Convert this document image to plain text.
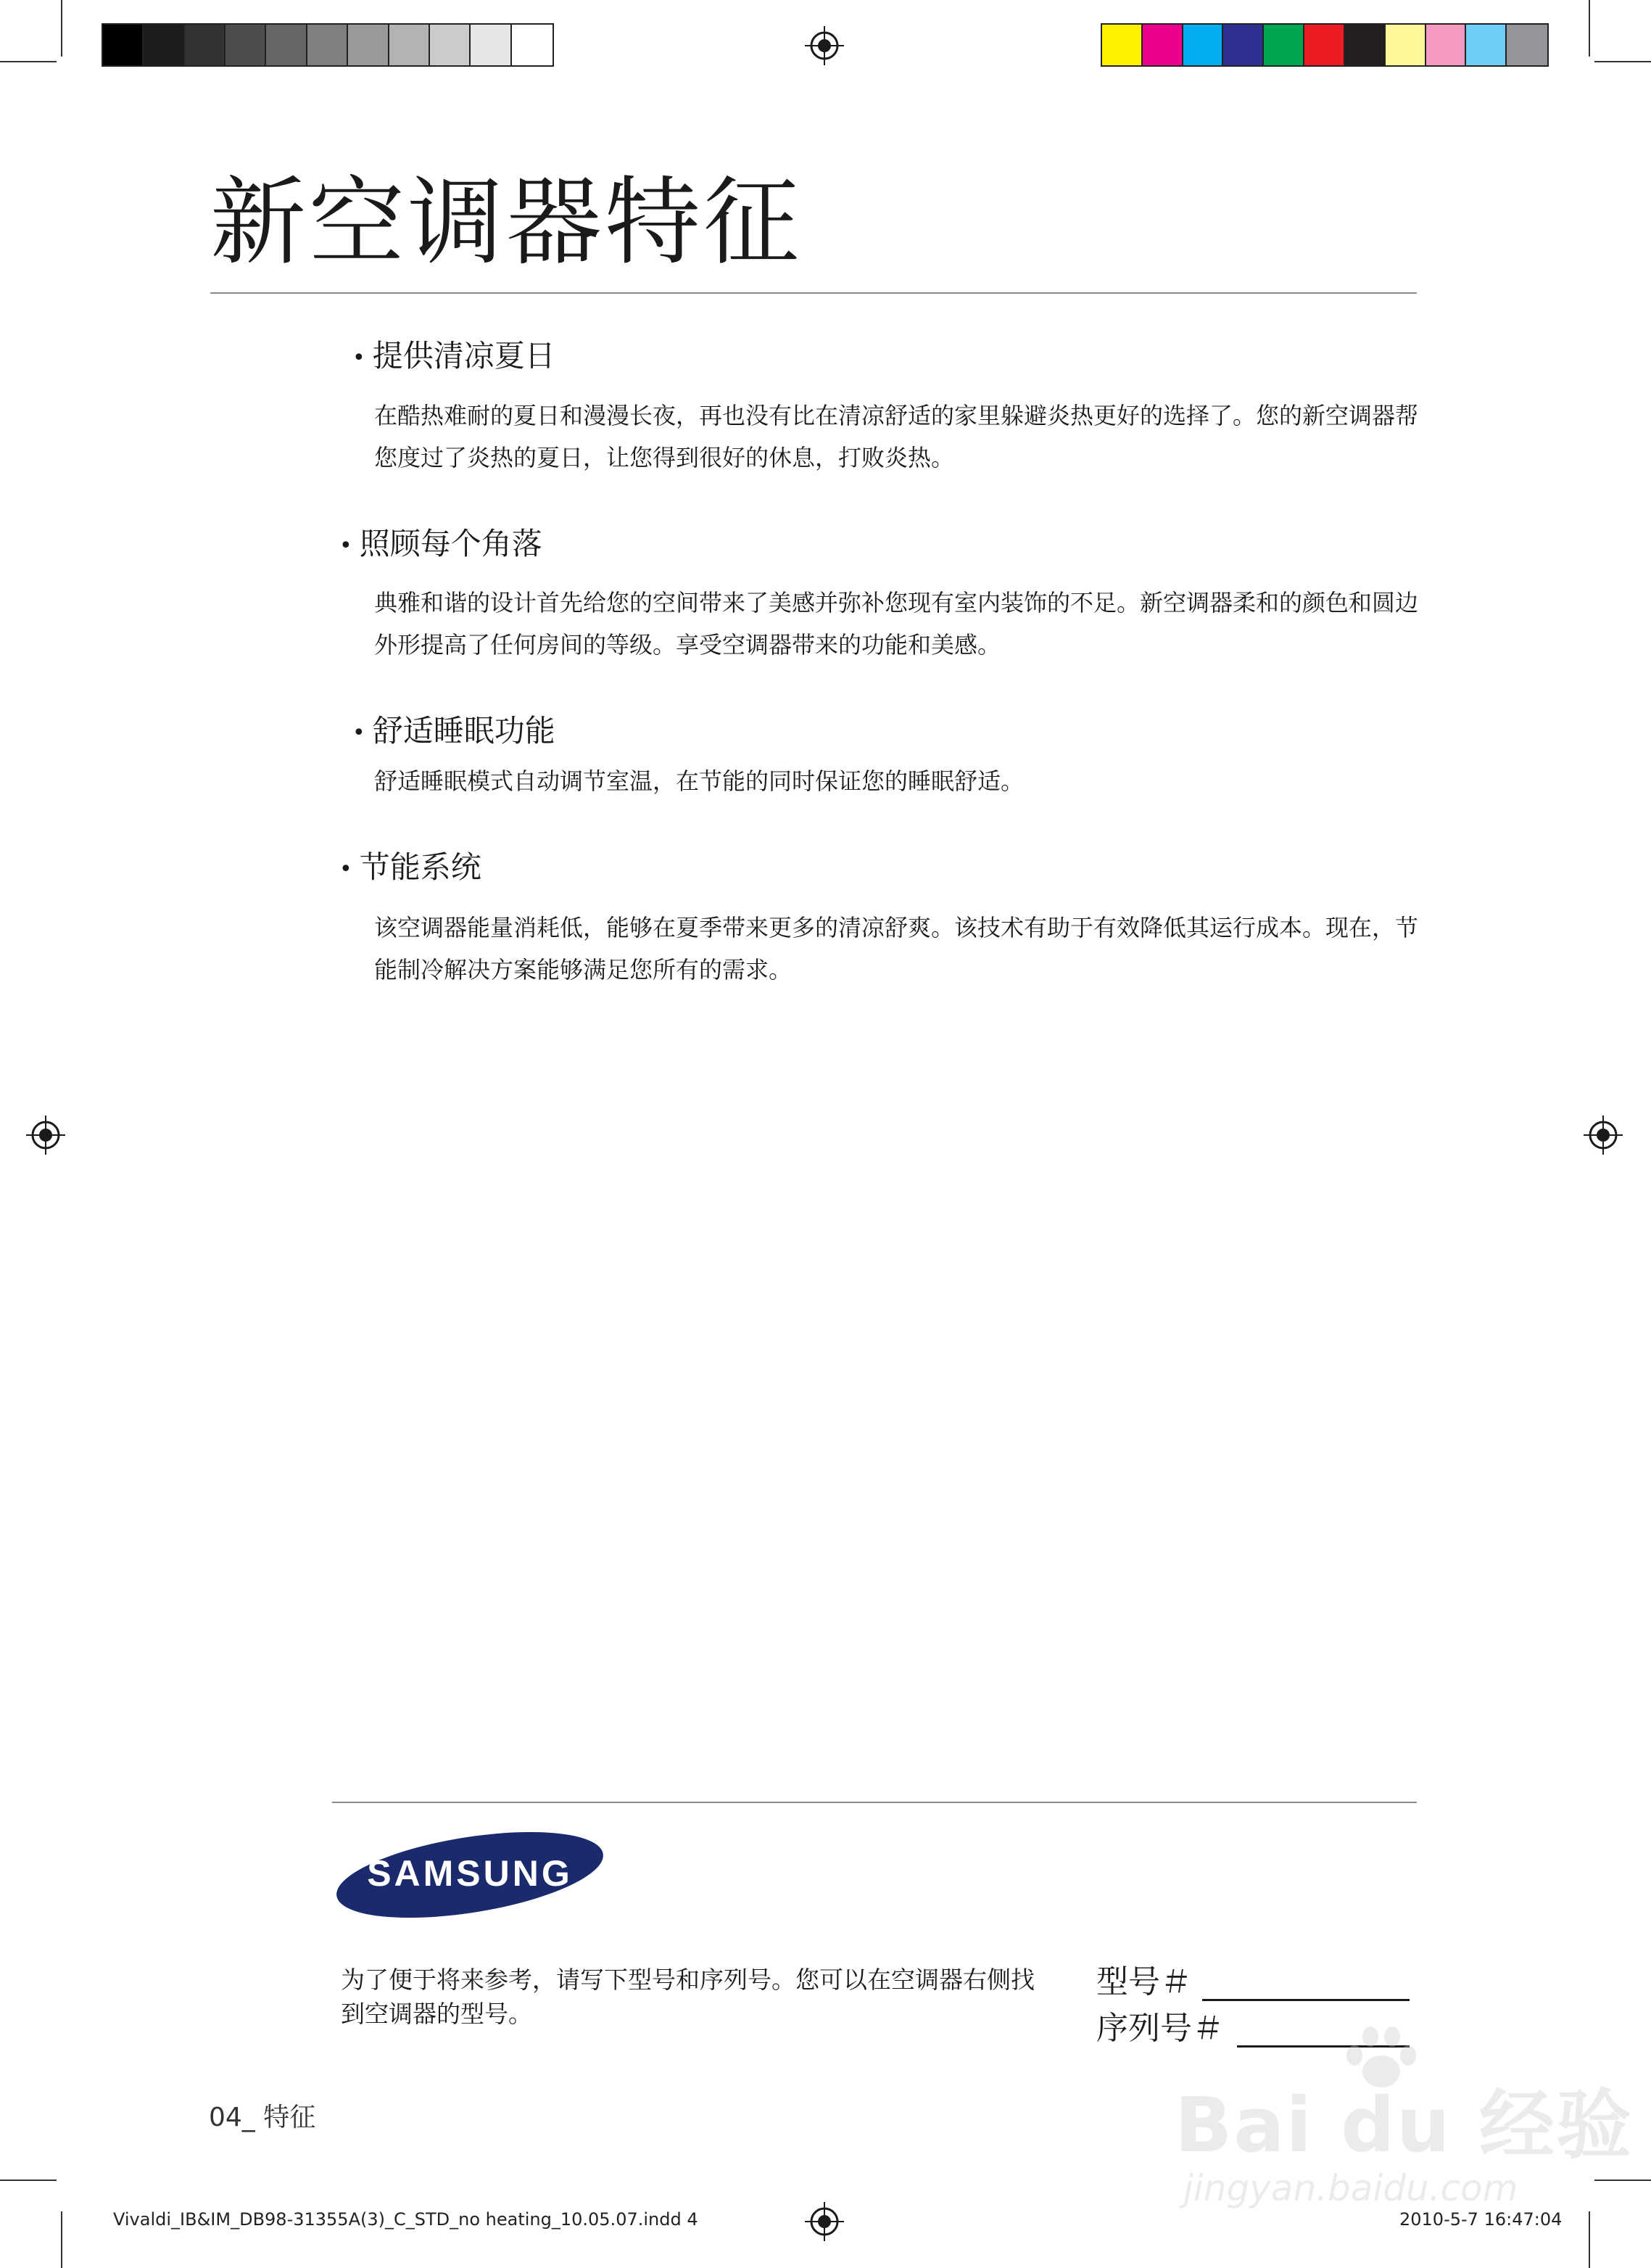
新空调器特征
• 提供清凉夏日

在酷热难耐的夏日和漫漫长夜，再也没有比在清凉舒适的家里躲避炎热更好的选择了。您的新空调器帮您度过了炎热的夏日，让您得到很好的休息，打败炎热。

• 照顾每个角落

典雅和谐的设计首先给您的空间带来了美感并弥补您现有室内装饰的不足。新空调器柔和的颜色和圆边外形提高了任何房间的等级。享受空调器带来的功能和美感。

• 舒适睡眠功能

舒适睡眠模式自动调节室温，在节能的同时保证您的睡眠舒适。

• 节能系统

该空调器能量消耗低，能够在夏季带来更多的清凉舒爽。该技术有助于有效降低其运行成本。现在，节能制冷解决方案能够满足您所有的需求。

SAMSUNG

为了便于将来参考，请写下型号和序列号。您可以在空调器右侧找到空调器的型号。

型号＃
序列号＃
04_ 特征
Vivaldi_IB&IM_DB98-31355A(3)_C_STD_no heating_10.05.07.indd 4	2010-5-7 16:47:04
Bai du 经验
jingyan.baidu.com
